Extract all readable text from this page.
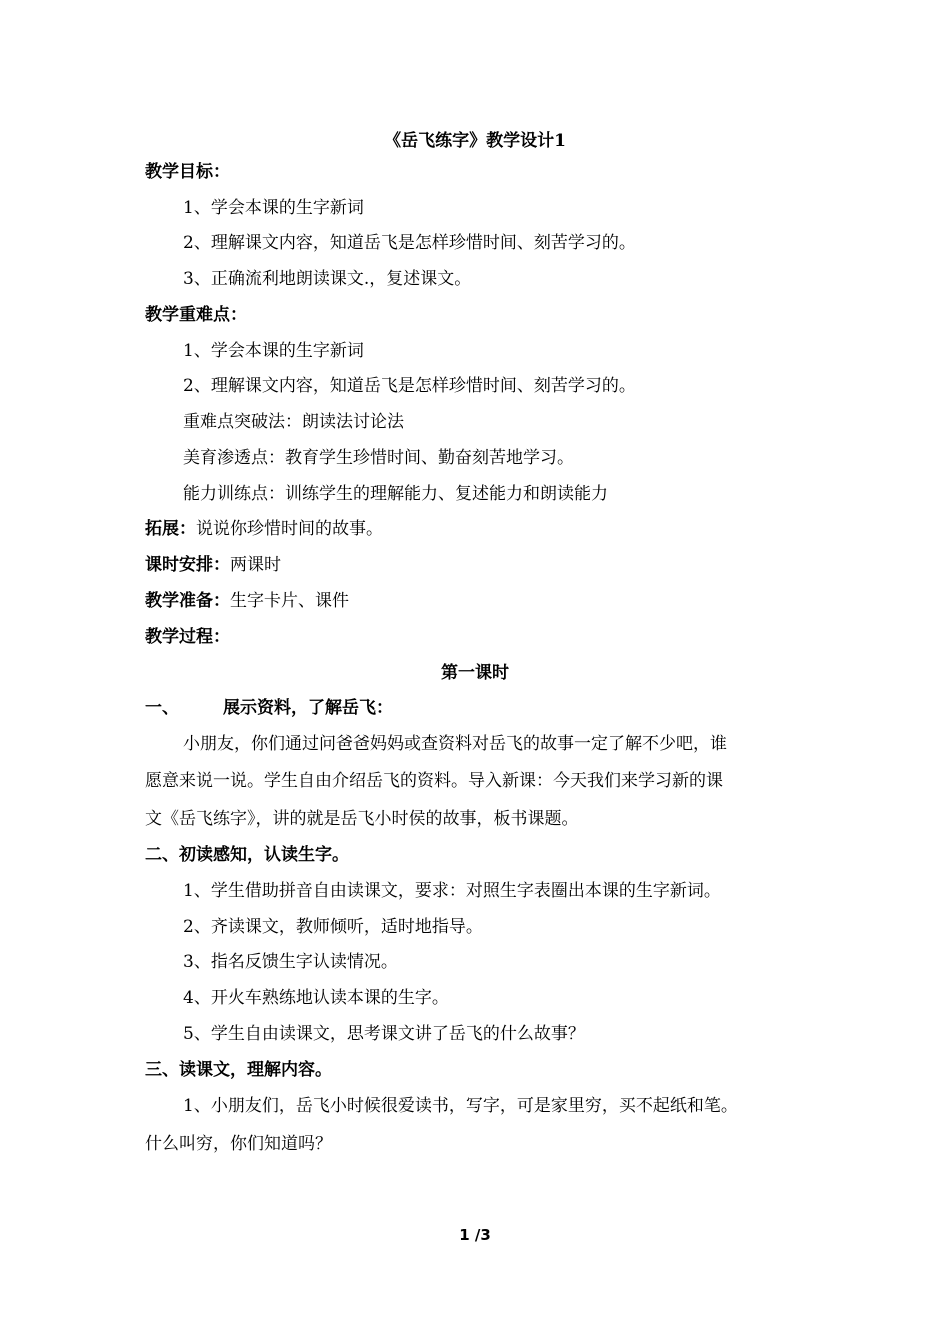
《岳飞练字》教学设计1
教学目标：
1、学会本课的生字新词
2、理解课文内容，知道岳飞是怎样珍惜时间、刻苦学习的。
3、正确流利地朗读课文.，复述课文。
教学重难点：
1、学会本课的生字新词
2、理解课文内容，知道岳飞是怎样珍惜时间、刻苦学习的。
重难点突破法：朗读法讨论法
美育渗透点：教育学生珍惜时间、勤奋刻苦地学习。
能力训练点：训练学生的理解能力、复述能力和朗读能力
拓展：说说你珍惜时间的故事。
课时安排：两课时
教学准备：生字卡片、课件
教学过程：
第一课时
一、	展示资料，了解岳飞：
小朋友，你们通过问爸爸妈妈或查资料对岳飞的故事一定了解不少吧，谁
愿意来说一说。学生自由介绍岳飞的资料。导入新课：今天我们来学习新的课
文《岳飞练字》，讲的就是岳飞小时侯的故事，板书课题。
二、初读感知，认读生字。
1、学生借助拼音自由读课文，要求：对照生字表圈出本课的生字新词。
2、齐读课文，教师倾听，适时地指导。
3、指名反馈生字认读情况。
4、开火车熟练地认读本课的生字。
5、学生自由读课文，思考课文讲了岳飞的什么故事？
三、读课文，理解内容。
1、小朋友们，岳飞小时候很爱读书，写字，可是家里穷，买不起纸和笔。
什么叫穷，你们知道吗？
1 /3
